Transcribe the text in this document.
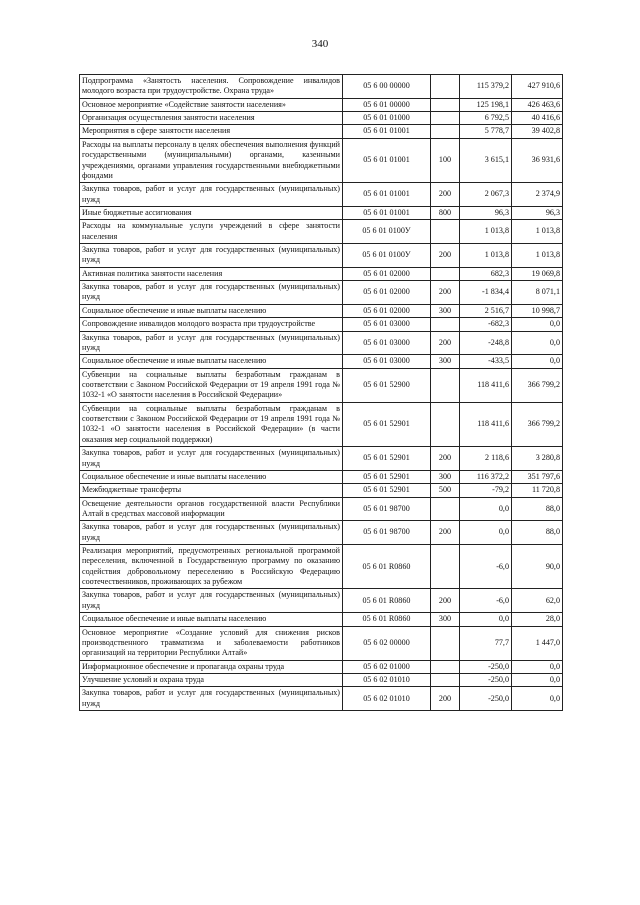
340
Подпрограмма «Занятость населения. Сопровождение инвалидов молодого возраста при трудоустройстве. Охрана труда»	05 6 00 00000		115 379,2	427 910,6
Основное мероприятие «Содействие занятости населения»	05 6 01 00000		125 198,1	426 463,6
Организация осуществления занятости населения	05 6 01 01000		6 792,5	40 416,6
Мероприятия в сфере занятости населения	05 6 01 01001		5 778,7	39 402,8
Расходы на выплаты персоналу в целях обеспечения выполнения функций государственными (муниципальными) органами, казенными учреждениями, органами управления государственными внебюджетными фондами	05 6 01 01001	100	3 615,1	36 931,6
Закупка товаров, работ и услуг для государственных (муниципальных) нужд	05 6 01 01001	200	2 067,3	2 374,9
Иные бюджетные ассигнования	05 6 01 01001	800	96,3	96,3
Расходы на коммунальные услуги учреждений в сфере занятости населения	05 6 01 0100У		1 013,8	1 013,8
Закупка товаров, работ и услуг для государственных (муниципальных) нужд	05 6 01 0100У	200	1 013,8	1 013,8
Активная политика занятости населения	05 6 01 02000		682,3	19 069,8
Закупка товаров, работ и услуг для государственных (муниципальных) нужд	05 6 01 02000	200	-1 834,4	8 071,1
Социальное обеспечение и иные выплаты населению	05 6 01 02000	300	2 516,7	10 998,7
Сопровождение инвалидов молодого возраста при трудоустройстве	05 6 01 03000		-682,3	0,0
Закупка товаров, работ и услуг для государственных (муниципальных) нужд	05 6 01 03000	200	-248,8	0,0
Социальное обеспечение и иные выплаты населению	05 6 01 03000	300	-433,5	0,0
Субвенции на социальные выплаты безработным гражданам в соответствии с Законом Российской Федерации от 19 апреля 1991 года № 1032-1 «О занятости населения в Российской Федерации»	05 6 01 52900		118 411,6	366 799,2
Субвенции на социальные выплаты безработным гражданам в соответствии с Законом Российской Федерации от 19 апреля 1991 года № 1032-1 «О занятости населения в Российской Федерации» (в части оказания мер социальной поддержки)	05 6 01 52901		118 411,6	366 799,2
Закупка товаров, работ и услуг для государственных (муниципальных) нужд	05 6 01 52901	200	2 118,6	3 280,8
Социальное обеспечение и иные выплаты населению	05 6 01 52901	300	116 372,2	351 797,6
Межбюджетные трансферты	05 6 01 52901	500	-79,2	11 720,8
Освещение деятельности органов государственной власти Республики Алтай в средствах массовой информации	05 6 01 98700		0,0	88,0
Закупка товаров, работ и услуг для государственных (муниципальных) нужд	05 6 01 98700	200	0,0	88,0
Реализация мероприятий, предусмотренных региональной программой переселения, включенной в Государственную программу по оказанию содействия добровольному переселению в Российскую Федерацию соотечественников, проживающих за рубежом	05 6 01 R0860		-6,0	90,0
Закупка товаров, работ и услуг для государственных (муниципальных) нужд	05 6 01 R0860	200	-6,0	62,0
Социальное обеспечение и иные выплаты населению	05 6 01 R0860	300	0,0	28,0
Основное мероприятие «Создание условий для снижения рисков производственного травматизма и заболеваемости работников организаций на территории Республики Алтай»	05 6 02 00000		77,7	1 447,0
Информационное обеспечение и пропаганда охраны труда	05 6 02 01000		-250,0	0,0
Улучшение условий и охрана труда	05 6 02 01010		-250,0	0,0
Закупка товаров, работ и услуг для государственных (муниципальных) нужд	05 6 02 01010	200	-250,0	0,0
